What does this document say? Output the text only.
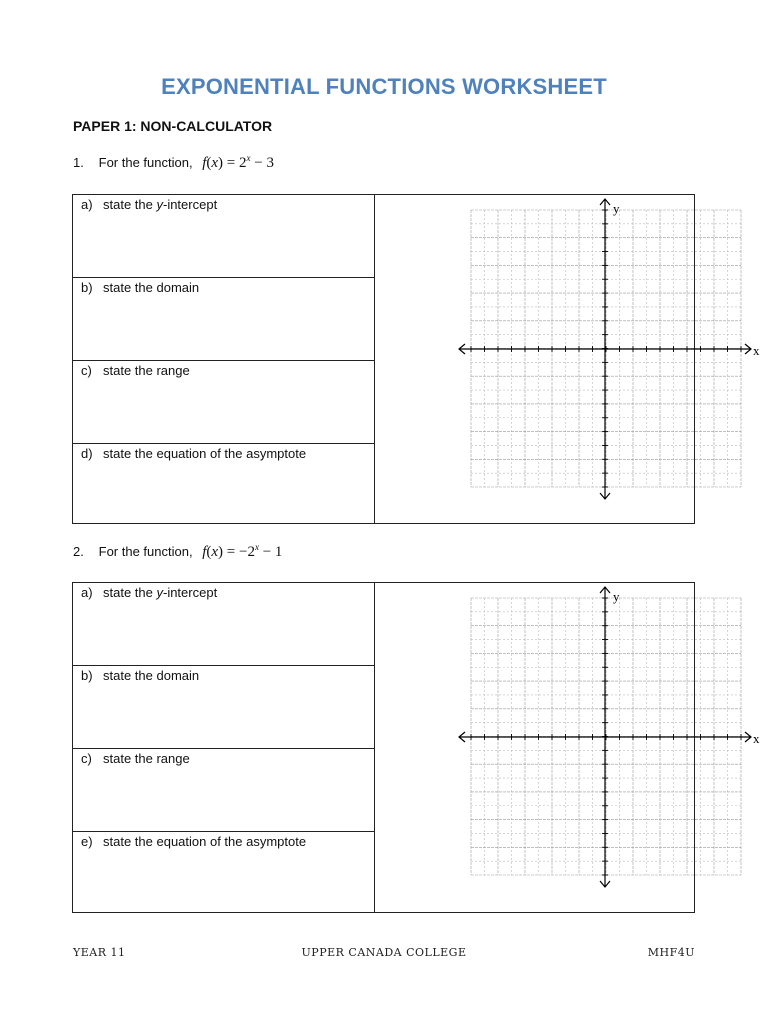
EXPONENTIAL FUNCTIONS WORKSHEET
PAPER 1: NON-CALCULATOR
1. For the function, $f(x) = 2^x - 3$
a) state the y-intercept
b) state the domain
c) state the range
d) state the equation of the asymptote
x
y
2. For the function, $f(x) = -2^x - 1$
a) state the y-intercept
b) state the domain
c) state the range
e) state the equation of the asymptote
x
y
YEAR 11	UPPER CANADA COLLEGE	MHF4U
